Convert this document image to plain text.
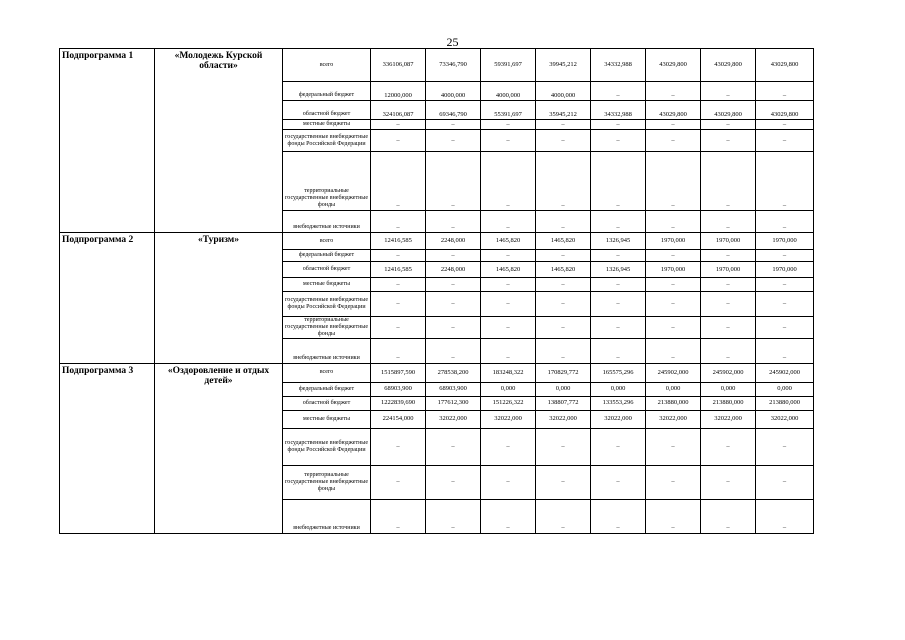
25
Подпрограмма 1	«Молодежь Курской области»	всего	336106,087	73346,790	59391,697	39945,212	34332,988	43029,800	43029,800	43029,800
		федеральный бюджет	12000,000	4000,000	4000,000	4000,000	–	–	–	–
		областной бюджет	324106,087	69346,790	55391,697	35945,212	34332,988	43029,800	43029,800	43029,800
		местные бюджеты	–	–	–	–	–	–	–	–
		государственные внебюджетные фонды Российской Федерации	–	–	–	–	–	–	–	–
		территориальные государственные внебюджетные фонды	–	–	–	–	–	–	–	–
		внебюджетные источники	–	–	–	–	–	–	–	–
Подпрограмма 2	«Туризм»	всего	12416,585	2248,000	1465,820	1465,820	1326,945	1970,000	1970,000	1970,000
		федеральный бюджет	–	–	–	–	–	–	–	–
		областной бюджет	12416,585	2248,000	1465,820	1465,820	1326,945	1970,000	1970,000	1970,000
		местные бюджеты	–	–	–	–	–	–	–	–
		государственные внебюджетные фонды Российской Федерации	–	–	–	–	–	–	–	–
		территориальные государственные внебюджетные фонды	–	–	–	–	–	–	–	–
		внебюджетные источники	–	–	–	–	–	–	–	–
Подпрограмма 3	«Оздоровление и отдых детей»	всего	1515897,590	278538,200	183248,322	170829,772	165575,296	245902,000	245902,000	245902,000
		федеральный бюджет	68903,900	68903,900	0,000	0,000	0,000	0,000	0,000	0,000
		областной бюджет	1222839,690	177612,300	151226,322	138807,772	133553,296	213880,000	213880,000	213880,000
		местные бюджеты	224154,000	32022,000	32022,000	32022,000	32022,000	32022,000	32022,000	32022,000
		государственные внебюджетные фонды Российской Федерации	–	–	–	–	–	–	–	–
		территориальные государственные внебюджетные фонды	–	–	–	–	–	–	–	–
		внебюджетные источники	–	–	–	–	–	–	–	–
